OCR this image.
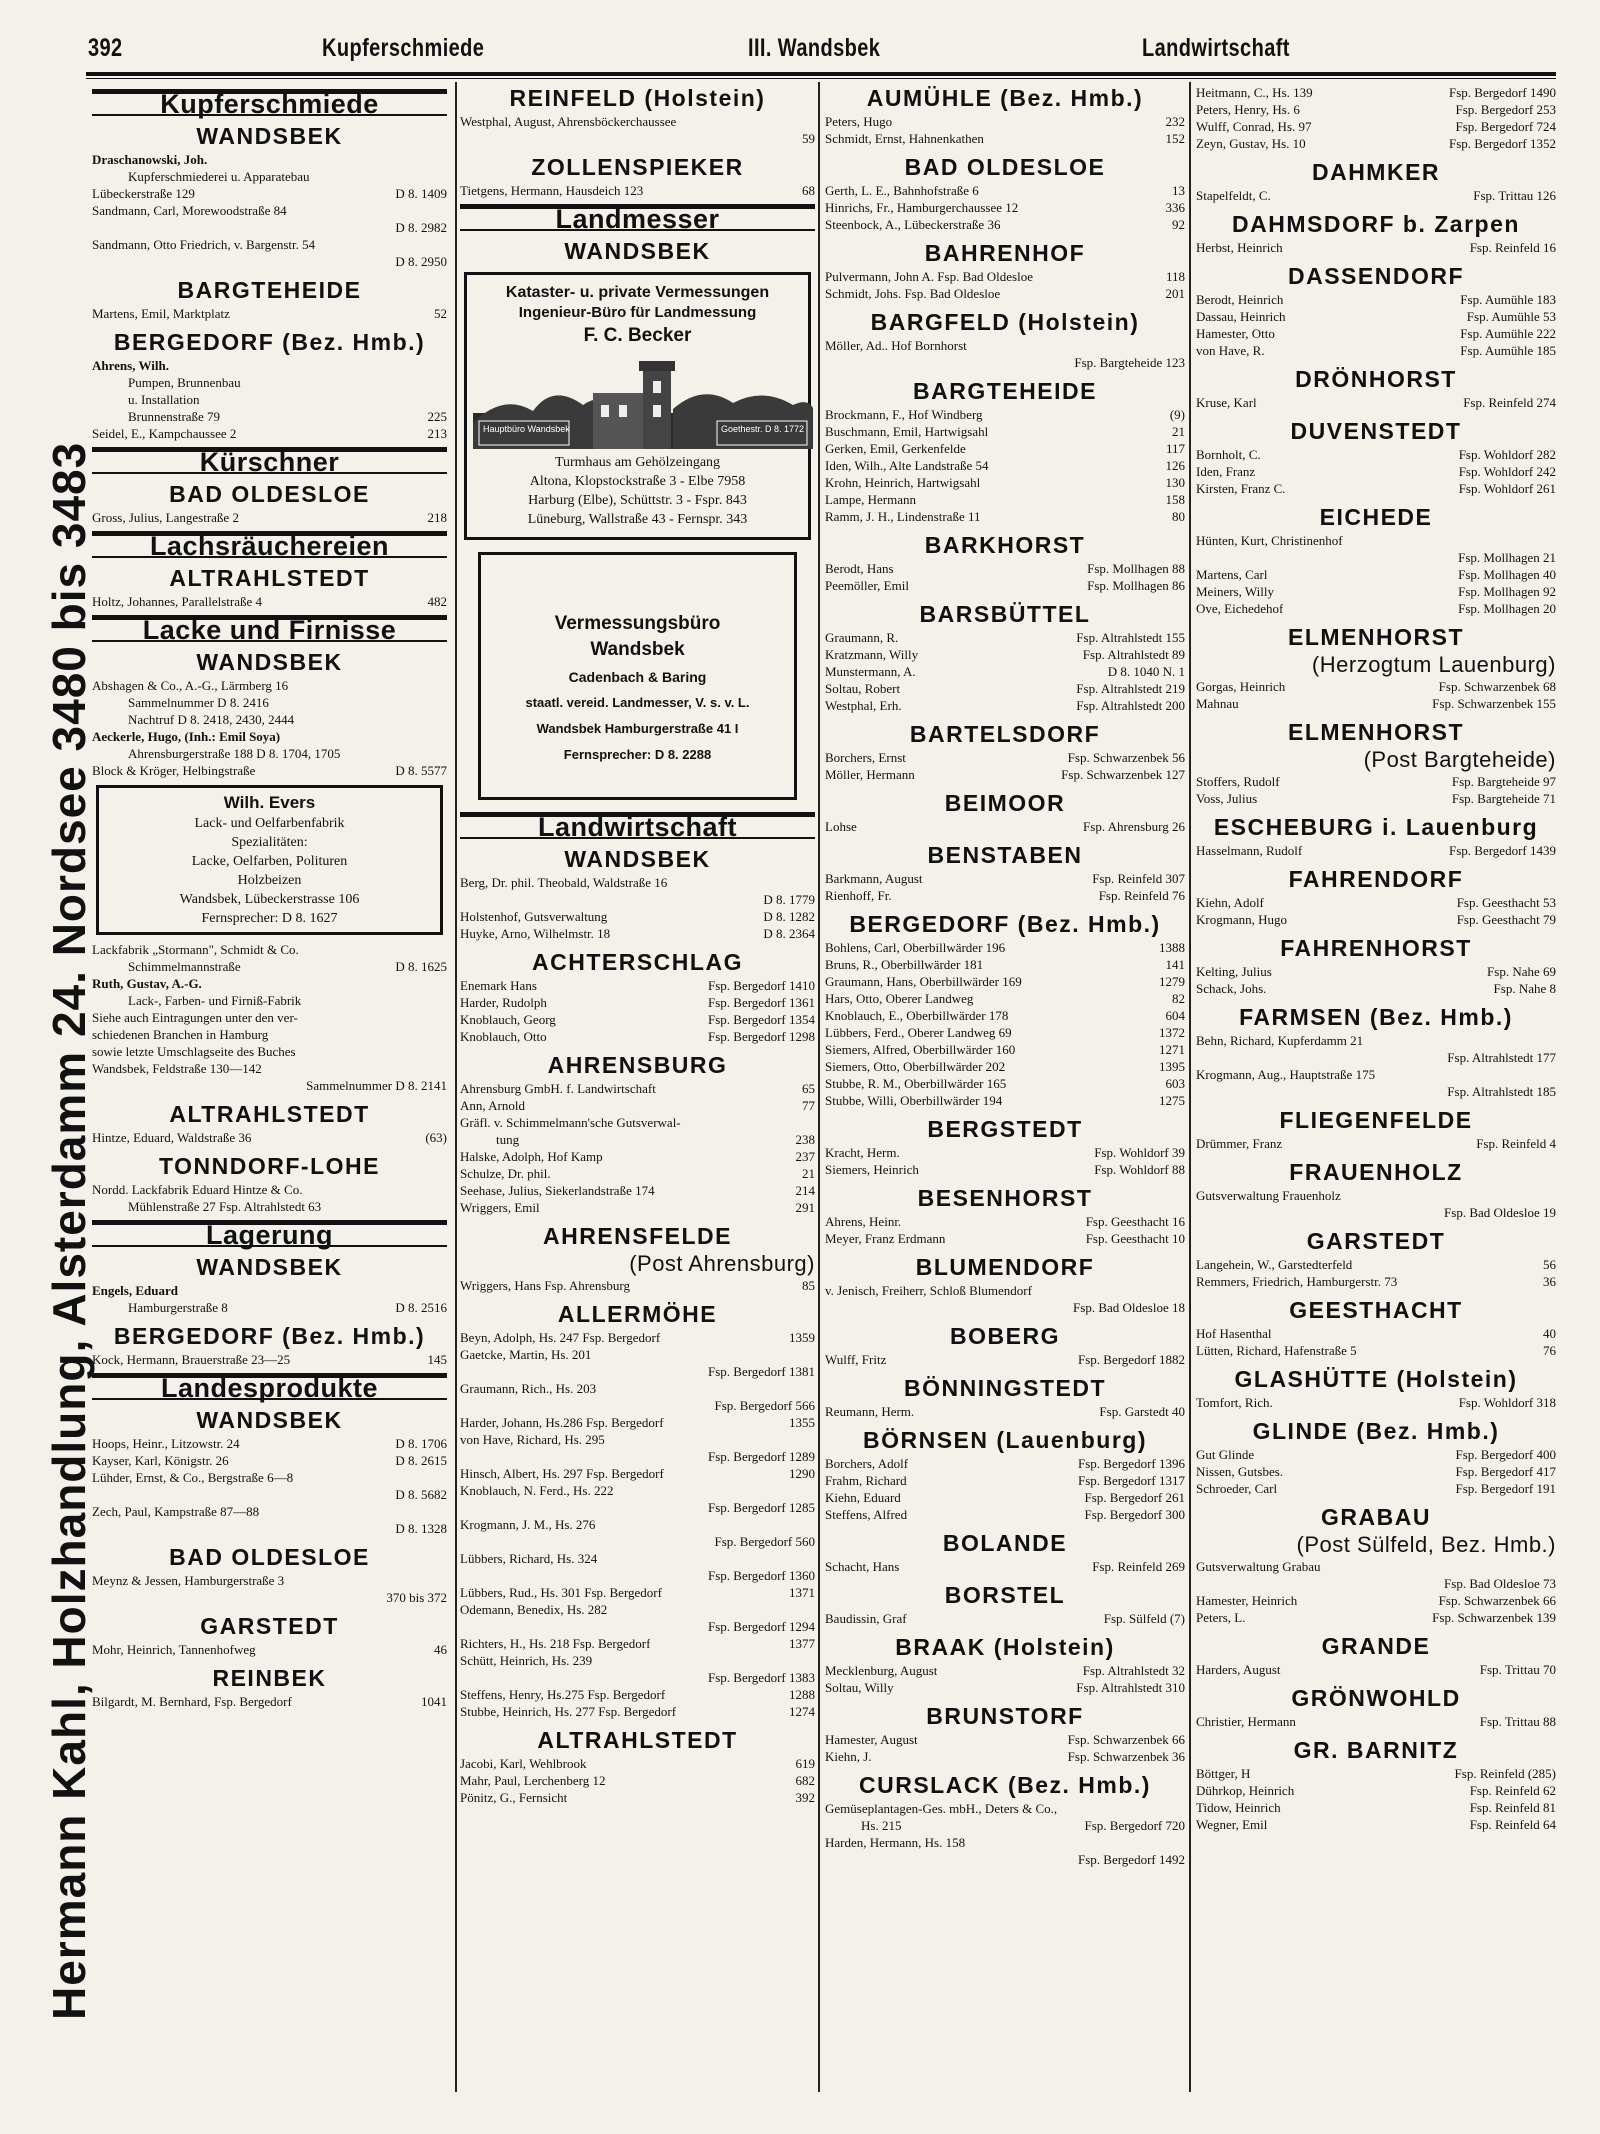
392	Kupferschmiede	III. Wandsbek	Landwirtschaft
Hermann Kahl, Holzhandlung, Alsterdamm 24. Nordsee 3480 bis 3483
Kupferschmiede
WANDSBEK
Draschanowski, Joh.
Kupferschmiederei u. Apparatebau
Lübeckerstraße 129	D 8. 1409
Sandmann, Carl, Morewoodstraße 84
D 8. 2982
Sandmann, Otto Friedrich, v. Bargenstr. 54
D 8. 2950
BARGTEHEIDE
Martens, Emil, Marktplatz	52
BERGEDORF (Bez. Hmb.)
Ahrens, Wilh.
Pumpen, Brunnenbau
u. Installation
Brunnenstraße 79	225
Seidel, E., Kampchaussee 2	213
Kürschner
BAD OLDESLOE
Gross, Julius, Langestraße 2	218
Lachsräuchereien
ALTRAHLSTEDT
Holtz, Johannes, Parallelstraße 4	482
Lacke und Firnisse
WANDSBEK
Abshagen & Co., A.-G., Lärmberg 16
Sammelnummer D 8. 2416
Nachtruf D 8. 2418, 2430, 2444
Aeckerle, Hugo, (Inh.: Emil Soya)
Ahrensburgerstraße 188 D 8. 1704, 1705
Block & Kröger, Helbingstraße	D 8. 5577
Wilh. Evers
Lack- und Oelfarbenfabrik
Spezialitäten:
Lacke, Oelfarben, Polituren
Holzbeizen
Wandsbek, Lübeckerstrasse 106
Fernsprecher: D 8. 1627
Lackfabrik „Stormann", Schmidt & Co.
Schimmelmannstraße	D 8. 1625
Ruth, Gustav, A.-G.
Lack-, Farben- und Firniß-Fabrik
Siehe auch Eintragungen unter den ver-
schiedenen Branchen in Hamburg
sowie letzte Umschlagseite des Buches
Wandsbek, Feldstraße 130—142
Sammelnummer D 8. 2141
ALTRAHLSTEDT
Hintze, Eduard, Waldstraße 36	(63)
TONNDORF-LOHE
Nordd. Lackfabrik Eduard Hintze & Co.
Mühlenstraße 27 Fsp. Altrahlstedt 63
Lagerung
WANDSBEK
Engels, Eduard
Hamburgerstraße 8	D 8. 2516
BERGEDORF (Bez. Hmb.)
Kock, Hermann, Brauerstraße 23—25	145
Landesprodukte
WANDSBEK
Hoops, Heinr., Litzowstr. 24	D 8. 1706
Kayser, Karl, Königstr. 26	D 8. 2615
Lühder, Ernst, & Co., Bergstraße 6—8
D 8. 5682
Zech, Paul, Kampstraße 87—88
D 8. 1328
BAD OLDESLOE
Meynz & Jessen, Hamburgerstraße 3
370 bis 372
GARSTEDT
Mohr, Heinrich, Tannenhofweg	46
REINBEK
Bilgardt, M. Bernhard, Fsp. Bergedorf	1041
REINFELD (Holstein)
Westphal, August, Ahrensböckerchaussee
59
ZOLLENSPIEKER
Tietgens, Hermann, Hausdeich 123	68
Landmesser
WANDSBEK
Kataster- u. private Vermessungen
Ingenieur-Büro für Landmessung
F. C. Becker
Hauptbüro Wandsbek	Goethestr. D 8. 1772
Turmhaus am Gehölzeingang
Altona, Klopstockstraße 3 - Elbe 7958
Harburg (Elbe), Schüttstr. 3 - Fspr. 843
Lüneburg, Wallstraße 43 - Fernspr. 343
Vermessungsbüro
Wandsbek
Cadenbach & Baring
staatl. vereid. Landmesser, V. s. v. L.
Wandsbek Hamburgerstraße 41 I
Fernsprecher: D 8. 2288
Landwirtschaft
WANDSBEK
Berg, Dr. phil. Theobald, Waldstraße 16
D 8. 1779
Holstenhof, Gutsverwaltung	D 8. 1282
Huyke, Arno, Wilhelmstr. 18	D 8. 2364
ACHTERSCHLAG
Enemark Hans	Fsp. Bergedorf 1410
Harder, Rudolph	Fsp. Bergedorf 1361
Knoblauch, Georg	Fsp. Bergedorf 1354
Knoblauch, Otto	Fsp. Bergedorf 1298
AHRENSBURG
Ahrensburg GmbH. f. Landwirtschaft	65
Ann, Arnold	77
Gräfl. v. Schimmelmann'sche Gutsverwal-
tung	238
Halske, Adolph, Hof Kamp	237
Schulze, Dr. phil.	21
Seehase, Julius, Siekerlandstraße 174	214
Wriggers, Emil	291
AHRENSFELDE
(Post Ahrensburg)
Wriggers, Hans Fsp. Ahrensburg	85
ALLERMÖHE
Beyn, Adolph, Hs. 247 Fsp. Bergedorf	1359
Gaetcke, Martin, Hs. 201
Fsp. Bergedorf 1381
Graumann, Rich., Hs. 203
Fsp. Bergedorf 566
Harder, Johann, Hs.286 Fsp. Bergedorf	1355
von Have, Richard, Hs. 295
Fsp. Bergedorf 1289
Hinsch, Albert, Hs. 297 Fsp. Bergedorf	1290
Knoblauch, N. Ferd., Hs. 222
Fsp. Bergedorf 1285
Krogmann, J. M., Hs. 276
Fsp. Bergedorf 560
Lübbers, Richard, Hs. 324
Fsp. Bergedorf 1360
Lübbers, Rud., Hs. 301 Fsp. Bergedorf	1371
Odemann, Benedix, Hs. 282
Fsp. Bergedorf 1294
Richters, H., Hs. 218 Fsp. Bergedorf	1377
Schütt, Heinrich, Hs. 239
Fsp. Bergedorf 1383
Steffens, Henry, Hs.275 Fsp. Bergedorf	1288
Stubbe, Heinrich, Hs. 277 Fsp. Bergedorf	1274
ALTRAHLSTEDT
Jacobi, Karl, Wehlbrook	619
Mahr, Paul, Lerchenberg 12	682
Pönitz, G., Fernsicht	392
AUMÜHLE (Bez. Hmb.)
Peters, Hugo	232
Schmidt, Ernst, Hahnenkathen	152
BAD OLDESLOE
Gerth, L. E., Bahnhofstraße 6	13
Hinrichs, Fr., Hamburgerchaussee 12	336
Steenbock, A., Lübeckerstraße 36	92
BAHRENHOF
Pulvermann, John A. Fsp. Bad Oldesloe	118
Schmidt, Johs. Fsp. Bad Oldesloe	201
BARGFELD (Holstein)
Möller, Ad.. Hof Bornhorst
Fsp. Bargteheide 123
BARGTEHEIDE
Brockmann, F., Hof Windberg	(9)
Buschmann, Emil, Hartwigsahl	21
Gerken, Emil, Gerkenfelde	117
Iden, Wilh., Alte Landstraße 54	126
Krohn, Heinrich, Hartwigsahl	130
Lampe, Hermann	158
Ramm, J. H., Lindenstraße 11	80
BARKHORST
Berodt, Hans	Fsp. Mollhagen 88
Peemöller, Emil	Fsp. Mollhagen 86
BARSBÜTTEL
Graumann, R.	Fsp. Altrahlstedt 155
Kratzmann, Willy	Fsp. Altrahlstedt 89
Munstermann, A.	D 8. 1040 N. 1
Soltau, Robert	Fsp. Altrahlstedt 219
Westphal, Erh.	Fsp. Altrahlstedt 200
BARTELSDORF
Borchers, Ernst	Fsp. Schwarzenbek 56
Möller, Hermann	Fsp. Schwarzenbek 127
BEIMOOR
Lohse	Fsp. Ahrensburg 26
BENSTABEN
Barkmann, August	Fsp. Reinfeld 307
Rienhoff, Fr.	Fsp. Reinfeld 76
BERGEDORF (Bez. Hmb.)
Bohlens, Carl, Oberbillwärder 196	1388
Bruns, R., Oberbillwärder 181	141
Graumann, Hans, Oberbillwärder 169	1279
Hars, Otto, Oberer Landweg	82
Knoblauch, E., Oberbillwärder 178	604
Lübbers, Ferd., Oberer Landweg 69	1372
Siemers, Alfred, Oberbillwärder 160	1271
Siemers, Otto, Oberbillwärder 202	1395
Stubbe, R. M., Oberbillwärder 165	603
Stubbe, Willi, Oberbillwärder 194	1275
BERGSTEDT
Kracht, Herm.	Fsp. Wohldorf 39
Siemers, Heinrich	Fsp. Wohldorf 88
BESENHORST
Ahrens, Heinr.	Fsp. Geesthacht 16
Meyer, Franz Erdmann	Fsp. Geesthacht 10
BLUMENDORF
v. Jenisch, Freiherr, Schloß Blumendorf
Fsp. Bad Oldesloe 18
BOBERG
Wulff, Fritz	Fsp. Bergedorf 1882
BÖNNINGSTEDT
Reumann, Herm.	Fsp. Garstedt 40
BÖRNSEN (Lauenburg)
Borchers, Adolf	Fsp. Bergedorf 1396
Frahm, Richard	Fsp. Bergedorf 1317
Kiehn, Eduard	Fsp. Bergedorf 261
Steffens, Alfred	Fsp. Bergedorf 300
BOLANDE
Schacht, Hans	Fsp. Reinfeld 269
BORSTEL
Baudissin, Graf	Fsp. Sülfeld (7)
BRAAK (Holstein)
Mecklenburg, August	Fsp. Altrahlstedt 32
Soltau, Willy	Fsp. Altrahlstedt 310
BRUNSTORF
Hamester, August	Fsp. Schwarzenbek 66
Kiehn, J.	Fsp. Schwarzenbek 36
CURSLACK (Bez. Hmb.)
Gemüseplantagen-Ges. mbH., Deters & Co.,
Hs. 215	Fsp. Bergedorf 720
Harden, Hermann, Hs. 158
Fsp. Bergedorf 1492
Heitmann, C., Hs. 139	Fsp. Bergedorf 1490
Peters, Henry, Hs. 6	Fsp. Bergedorf 253
Wulff, Conrad, Hs. 97	Fsp. Bergedorf 724
Zeyn, Gustav, Hs. 10	Fsp. Bergedorf 1352
DAHMKER
Stapelfeldt, C.	Fsp. Trittau 126
DAHMSDORF b. Zarpen
Herbst, Heinrich	Fsp. Reinfeld 16
DASSENDORF
Berodt, Heinrich	Fsp. Aumühle 183
Dassau, Heinrich	Fsp. Aumühle 53
Hamester, Otto	Fsp. Aumühle 222
von Have, R.	Fsp. Aumühle 185
DRÖNHORST
Kruse, Karl	Fsp. Reinfeld 274
DUVENSTEDT
Bornholt, C.	Fsp. Wohldorf 282
Iden, Franz	Fsp. Wohldorf 242
Kirsten, Franz C.	Fsp. Wohldorf 261
EICHEDE
Hünten, Kurt, Christinenhof
Fsp. Mollhagen 21
Martens, Carl	Fsp. Mollhagen 40
Meiners, Willy	Fsp. Mollhagen 92
Ove, Eichedehof	Fsp. Mollhagen 20
ELMENHORST
(Herzogtum Lauenburg)
Gorgas, Heinrich	Fsp. Schwarzenbek 68
Mahnau	Fsp. Schwarzenbek 155
ELMENHORST
(Post Bargteheide)
Stoffers, Rudolf	Fsp. Bargteheide 97
Voss, Julius	Fsp. Bargteheide 71
ESCHEBURG i. Lauenburg
Hasselmann, Rudolf	Fsp. Bergedorf 1439
FAHRENDORF
Kiehn, Adolf	Fsp. Geesthacht 53
Krogmann, Hugo	Fsp. Geesthacht 79
FAHRENHORST
Kelting, Julius	Fsp. Nahe 69
Schack, Johs.	Fsp. Nahe 8
FARMSEN (Bez. Hmb.)
Behn, Richard, Kupferdamm 21
Fsp. Altrahlstedt 177
Krogmann, Aug., Hauptstraße 175
Fsp. Altrahlstedt 185
FLIEGENFELDE
Drümmer, Franz	Fsp. Reinfeld 4
FRAUENHOLZ
Gutsverwaltung Frauenholz
Fsp. Bad Oldesloe 19
GARSTEDT
Langehein, W., Garstedterfeld	56
Remmers, Friedrich, Hamburgerstr. 73	36
GEESTHACHT
Hof Hasenthal	40
Lütten, Richard, Hafenstraße 5	76
GLASHÜTTE (Holstein)
Tomfort, Rich.	Fsp. Wohldorf 318
GLINDE (Bez. Hmb.)
Gut Glinde	Fsp. Bergedorf 400
Nissen, Gutsbes.	Fsp. Bergedorf 417
Schroeder, Carl	Fsp. Bergedorf 191
GRABAU
(Post Sülfeld, Bez. Hmb.)
Gutsverwaltung Grabau
Fsp. Bad Oldesloe 73
Hamester, Heinrich	Fsp. Schwarzenbek 66
Peters, L.	Fsp. Schwarzenbek 139
GRANDE
Harders, August	Fsp. Trittau 70
GRÖNWOHLD
Christier, Hermann	Fsp. Trittau 88
GR. BARNITZ
Böttger, H	Fsp. Reinfeld (285)
Dührkop, Heinrich	Fsp. Reinfeld 62
Tidow, Heinrich	Fsp. Reinfeld 81
Wegner, Emil	Fsp. Reinfeld 64
